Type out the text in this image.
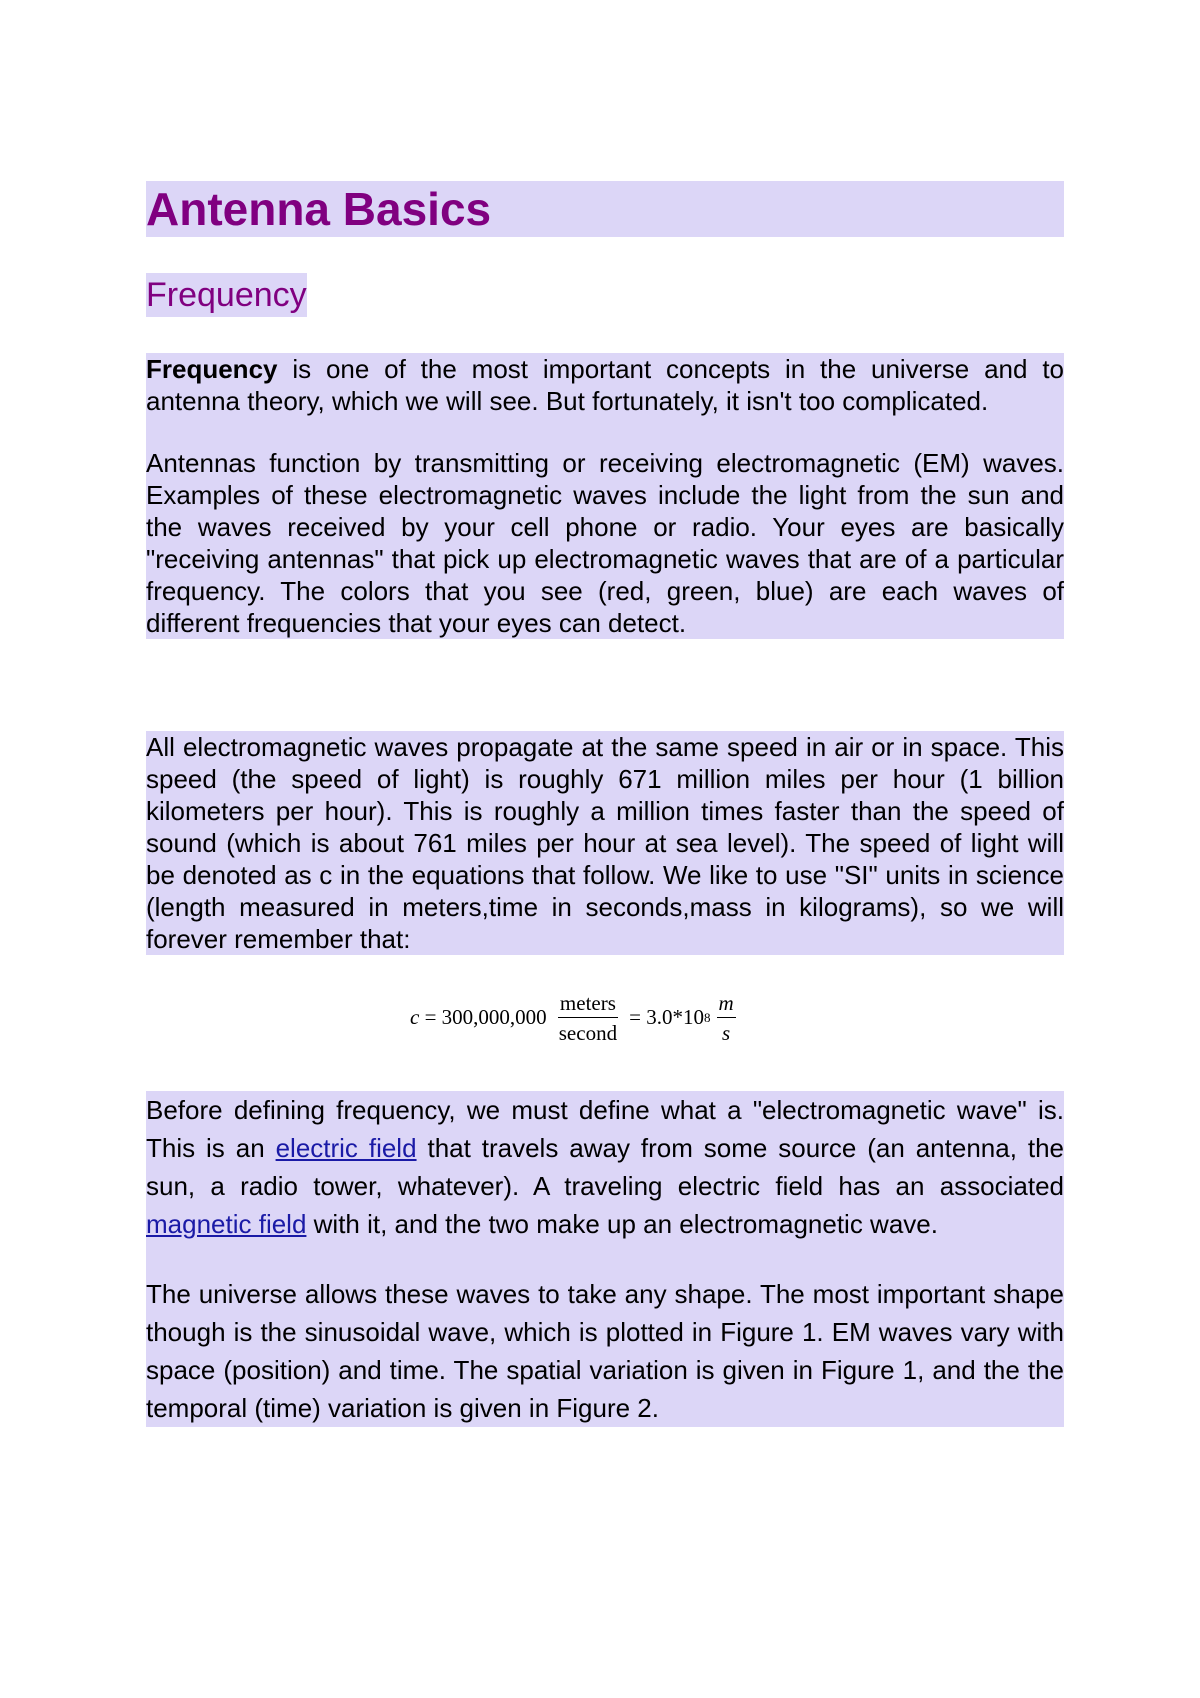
Antenna Basics
Frequency

Frequency is one of the most important concepts in the universe and to antenna theory, which we will see. But fortunately, it isn't too complicated.

Antennas function by transmitting or receiving electromagnetic (EM) waves. Examples of these electromagnetic waves include the light from the sun and the waves received by your cell phone or radio. Your eyes are basically "receiving antennas" that pick up electromagnetic waves that are of a particular frequency. The colors that you see (red, green, blue) are each waves of different frequencies that your eyes can detect.

All electromagnetic waves propagate at the same speed in air or in space. This speed (the speed of light) is roughly 671 million miles per hour (1 billion kilometers per hour). This is roughly a million times faster than the speed of sound (which is about 761 miles per hour at sea level). The speed of light will be denoted as c in the equations that follow. We like to use "SI" units in science (length measured in meters,time in seconds,mass in kilograms), so we will forever remember that:

$c = 300,000,000 \frac{\text{meters}}{\text{second}} = 3.0*10$ $8 \frac{m}{s}$

Before defining frequency, we must define what a "electromagnetic wave" is. This is an electric field that travels away from some source (an antenna, the sun, a radio tower, whatever). A traveling electric field has an associated magnetic field with it, and the two make up an electromagnetic wave.

The universe allows these waves to take any shape. The most important shape though is the sinusoidal wave, which is plotted in Figure 1. EM waves vary with space (position) and time. The spatial variation is given in Figure 1, and the the temporal (time) variation is given in Figure 2.
